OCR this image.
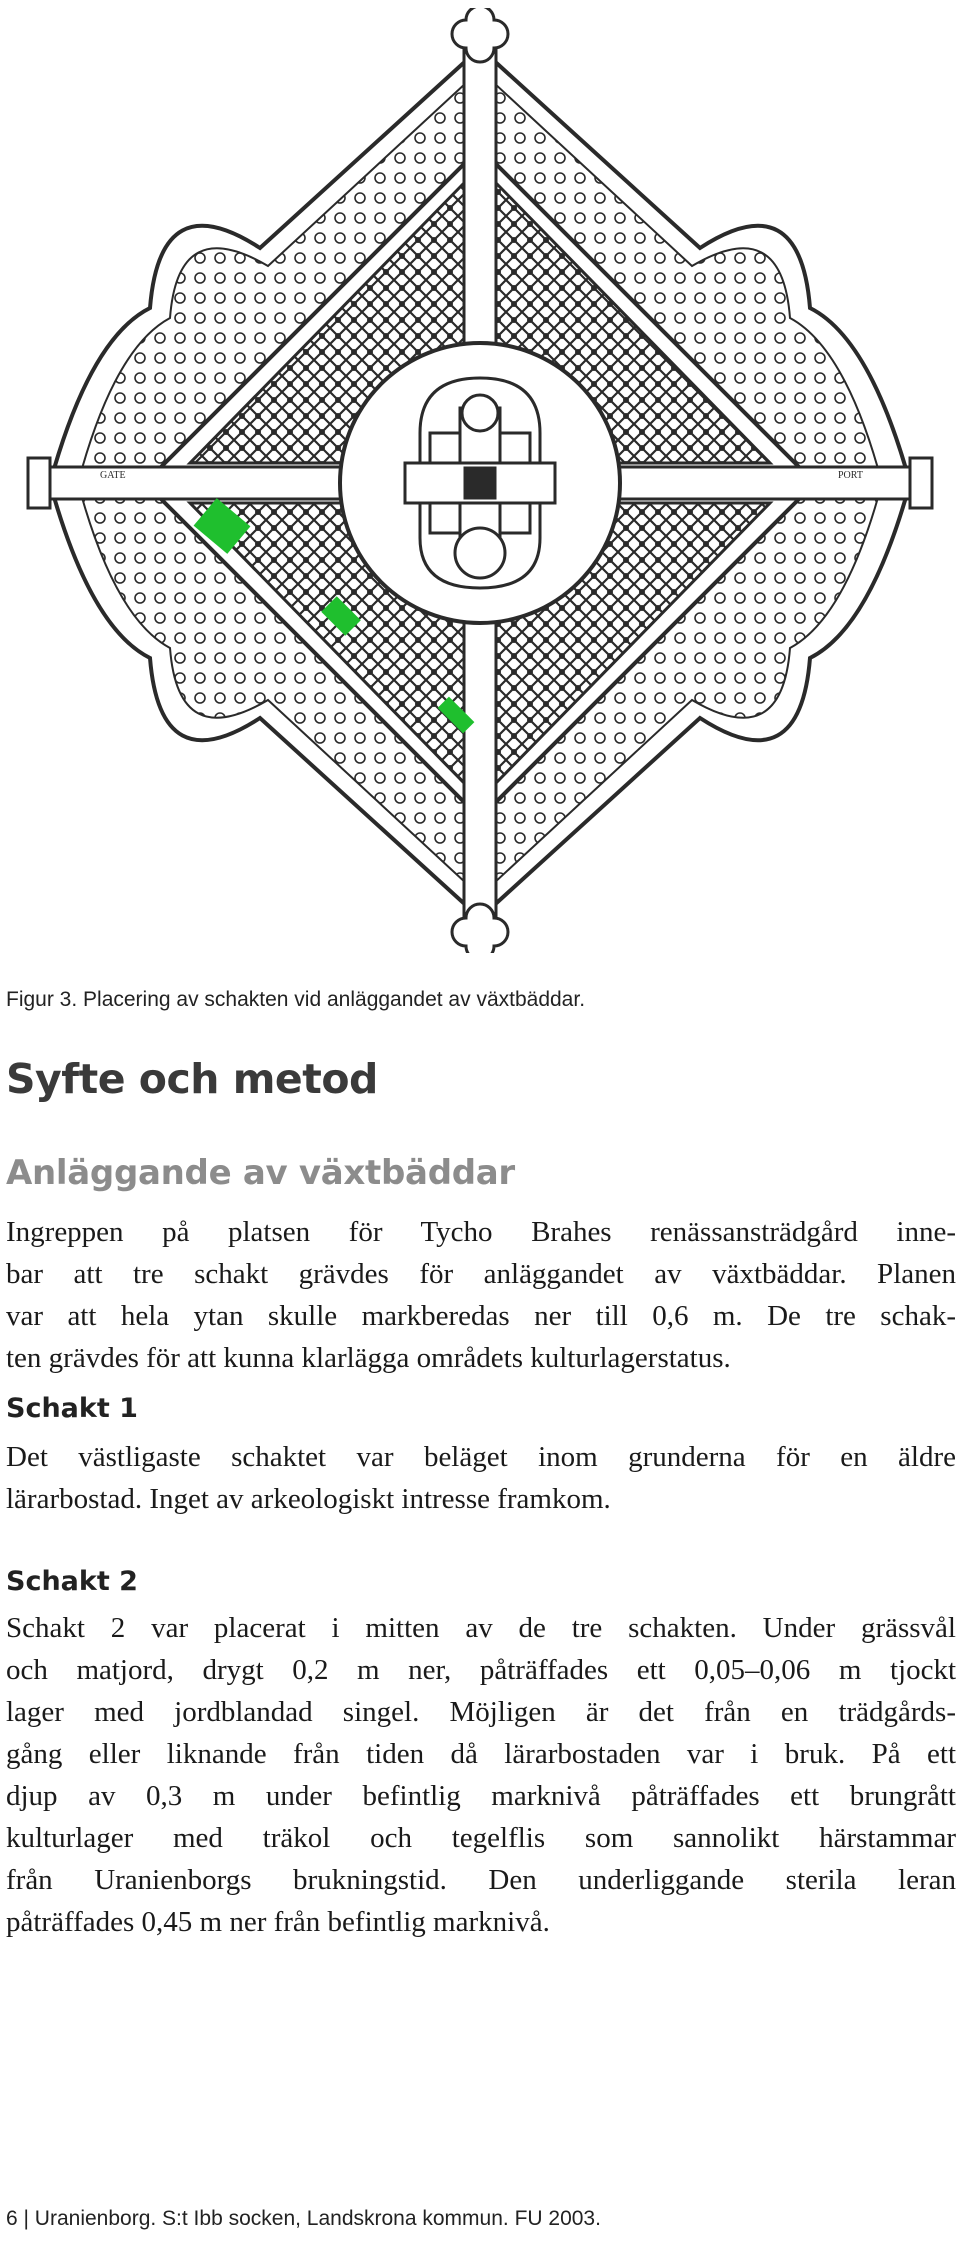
GATE	PORT
Figur 3. Placering av schakten vid anläggandet av växtbäddar.
Syfte och metod
Anläggande av växtbäddar

Ingreppen på platsen för Tycho Brahes renässansträdgård inne-
bar att tre schakt grävdes för anläggandet av växtbäddar. Planen
var att hela ytan skulle markberedas ner till 0,6 m. De tre schak-
ten grävdes för att kunna klarlägga områdets kulturlagerstatus.

Schakt 1

Det västligaste schaktet var beläget inom grunderna för en äldre
lärarbostad. Inget av arkeologiskt intresse framkom.

Schakt 2

Schakt 2 var placerat i mitten av de tre schakten. Under grässvål
och matjord, drygt 0,2 m ner, påträffades ett 0,05–0,06 m tjockt
lager med jordblandad singel. Möjligen är det från en trädgårds-
gång eller liknande från tiden då lärarbostaden var i bruk. På ett
djup av 0,3 m under befintlig marknivå påträffades ett brungrått
kulturlager med träkol och tegelflis som sannolikt härstammar
från Uranienborgs brukningstid. Den underliggande sterila leran
påträffades 0,45 m ner från befintlig marknivå.

6 | Uranienborg. S:t Ibb socken, Landskrona kommun. FU 2003.
